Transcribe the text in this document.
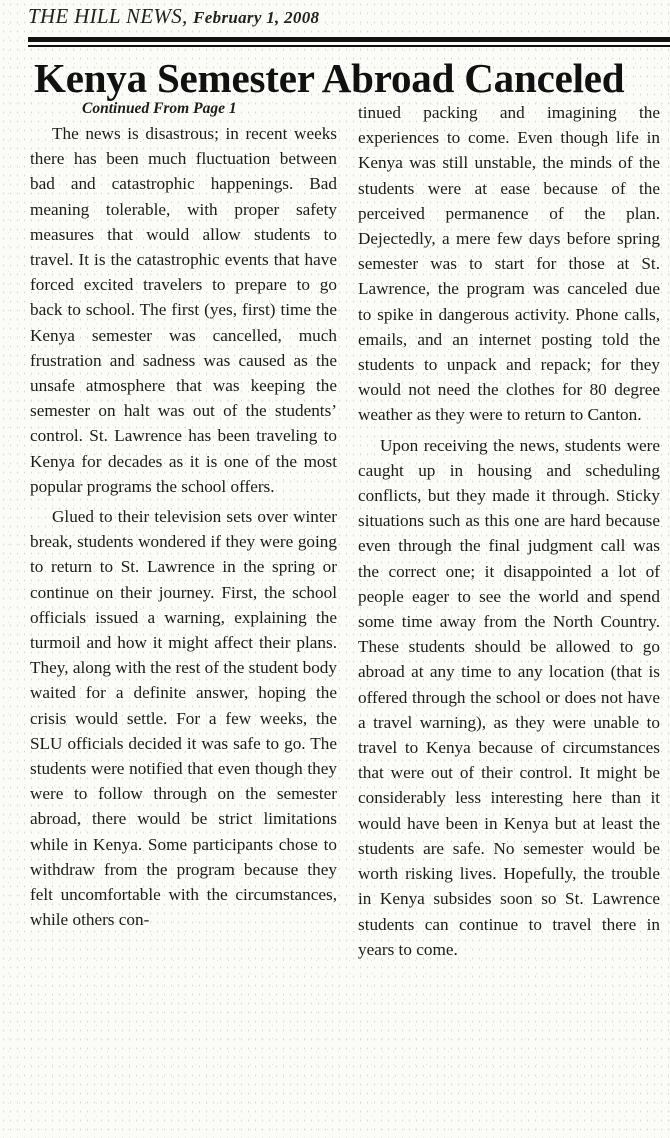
THE HILL NEWS, February 1, 2008
Kenya Semester Abroad Canceled
Continued From Page 1

The news is disastrous; in recent weeks there has been much fluctuation between bad and catastrophic happenings. Bad meaning tolerable, with proper safety measures that would allow students to travel. It is the catastrophic events that have forced excited travelers to prepare to go back to school. The first (yes, first) time the Kenya semester was cancelled, much frustration and sadness was caused as the unsafe atmosphere that was keeping the semester on halt was out of the students’ control. St. Lawrence has been traveling to Kenya for decades as it is one of the most popular programs the school offers.

Glued to their television sets over winter break, students wondered if they were going to return to St. Lawrence in the spring or continue on their journey. First, the school officials issued a warning, explaining the turmoil and how it might affect their plans. They, along with the rest of the student body waited for a definite answer, hoping the crisis would settle. For a few weeks, the SLU officials decided it was safe to go. The students were notified that even though they were to follow through on the semester abroad, there would be strict limitations while in Kenya. Some participants chose to withdraw from the program because they felt uncomfortable with the circumstances, while others con-

tinued packing and imagining the experiences to come. Even though life in Kenya was still unstable, the minds of the students were at ease because of the perceived permanence of the plan. Dejectedly, a mere few days before spring semester was to start for those at St. Lawrence, the program was canceled due to spike in dangerous activity. Phone calls, emails, and an internet posting told the students to unpack and repack; for they would not need the clothes for 80 degree weather as they were to return to Canton.

Upon receiving the news, students were caught up in housing and scheduling conflicts, but they made it through. Sticky situations such as this one are hard because even through the final judgment call was the correct one; it disappointed a lot of people eager to see the world and spend some time away from the North Country. These students should be allowed to go abroad at any time to any location (that is offered through the school or does not have a travel warning), as they were unable to travel to Kenya because of circumstances that were out of their control. It might be considerably less interesting here than it would have been in Kenya but at least the students are safe. No semester would be worth risking lives. Hopefully, the trouble in Kenya subsides soon so St. Lawrence students can continue to travel there in years to come.
